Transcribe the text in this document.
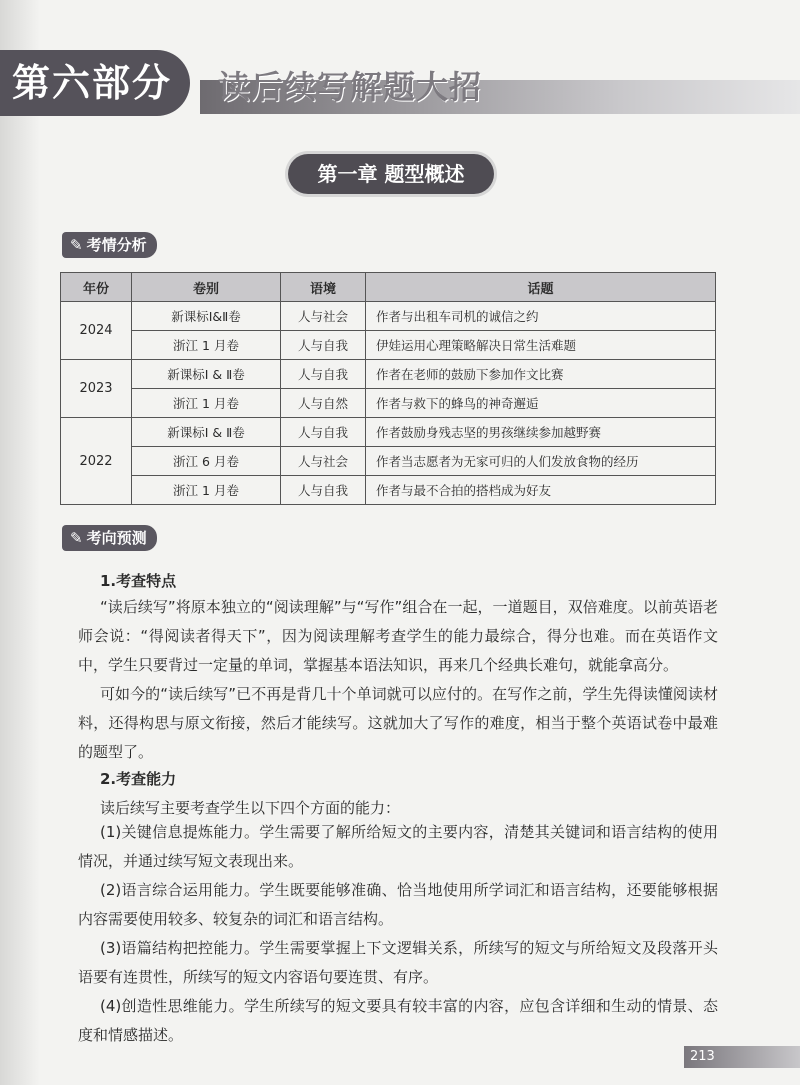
第六部分	读后续写解题大招
第一章 题型概述
✎ 考情分析
年份	卷别	语境	话题
2024	新课标Ⅰ&Ⅱ卷	人与社会	作者与出租车司机的诚信之约
	浙江 1 月卷	人与自我	伊娃运用心理策略解决日常生活难题
2023	新课标Ⅰ & Ⅱ卷	人与自我	作者在老师的鼓励下参加作文比赛
	浙江 1 月卷	人与自然	作者与救下的蜂鸟的神奇邂逅
2022	新课标Ⅰ & Ⅱ卷	人与自我	作者鼓励身残志坚的男孩继续参加越野赛
	浙江 6 月卷	人与社会	作者当志愿者为无家可归的人们发放食物的经历
	浙江 1 月卷	人与自我	作者与最不合拍的搭档成为好友
✎ 考向预测
1.考查特点

“读后续写”将原本独立的“阅读理解”与“写作”组合在一起，一道题目，双倍难度。以前英语老师会说：“得阅读者得天下”，因为阅读理解考查学生的能力最综合，得分也难。而在英语作文中，学生只要背过一定量的单词，掌握基本语法知识，再来几个经典长难句，就能拿高分。

可如今的“读后续写”已不再是背几十个单词就可以应付的。在写作之前，学生先得读懂阅读材料，还得构思与原文衔接，然后才能续写。这就加大了写作的难度，相当于整个英语试卷中最难的题型了。

2.考查能力
读后续写主要考查学生以下四个方面的能力：

(1)关键信息提炼能力。学生需要了解所给短文的主要内容，清楚其关键词和语言结构的使用情况，并通过续写短文表现出来。

(2)语言综合运用能力。学生既要能够准确、恰当地使用所学词汇和语言结构，还要能够根据内容需要使用较多、较复杂的词汇和语言结构。

(3)语篇结构把控能力。学生需要掌握上下文逻辑关系，所续写的短文与所给短文及段落开头语要有连贯性，所续写的短文内容语句要连贯、有序。

(4)创造性思维能力。学生所续写的短文要具有较丰富的内容，应包含详细和生动的情景、态度和情感描述。

213
